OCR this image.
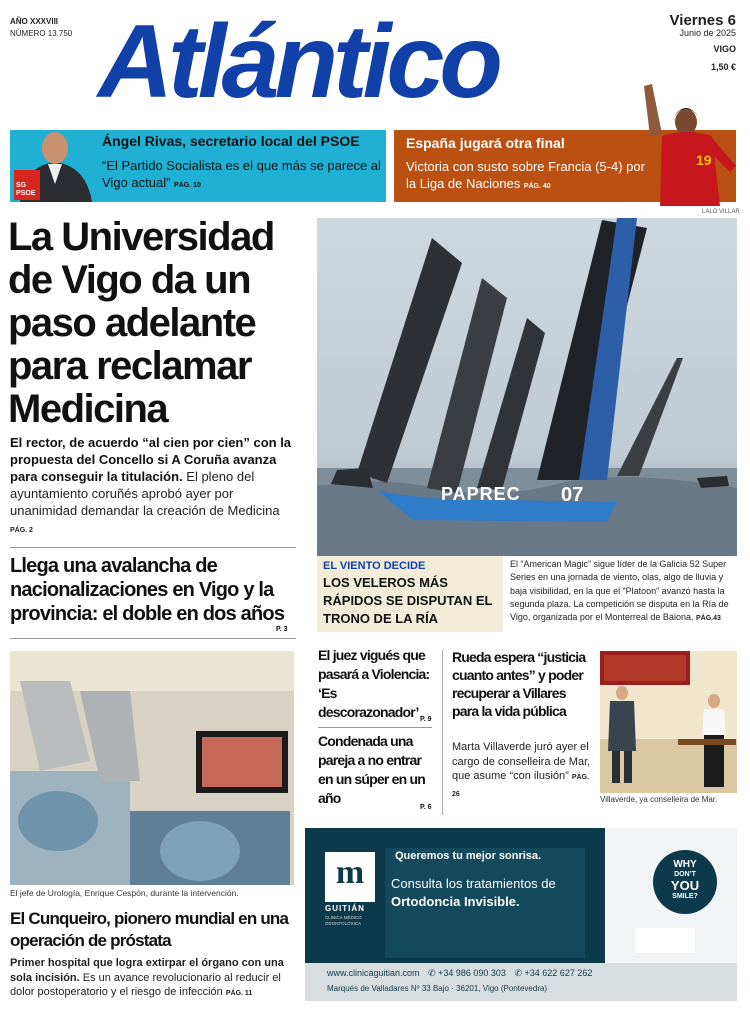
AÑO XXXVIII
NÚMERO 13.750 Atlántico	Viernes 6
Junio de 2025
VIGO
1,50 €
SG PSOE
Ángel Rivas, secretario local del PSOE
“El Partido Socialista es el que más se parece al Vigo actual” PÁG. 10
España jugará otra final
Victoria con susto sobre Francia (5-4) por la Liga de Naciones PÁG. 40
19
LALO VILLAR
La Universidad de Vigo da un paso adelante para reclamar Medicina
El rector, de acuerdo “al cien por cien” con la propuesta del Concello si A Coruña avanza para conseguir la titulación. El pleno del ayuntamiento coruñés aprobó ayer por unanimidad demandar la creación de Medicina PÁG. 2
Llega una avalancha de nacionalizaciones en Vigo y la provincia: el doble en dos años
P. 3
PAPREC 07
EL VIENTO DECIDE
LOS VELEROS MÁS RÁPIDOS SE DISPUTAN EL TRONO DE LA RÍA
El “American Magic” sigue líder de la Galicia 52 Super Series en una jornada de viento, olas, algo de lluvia y baja visibilidad, en la que el “Platoon” avanzó hasta la segunda plaza. La competición se disputa en la Ría de Vigo, organizada por el Monterreal de Baiona. PÁG.43
El jefe de Urología, Enrique Cespón, durante la intervención.
El Cunqueiro, pionero mundial en una operación de próstata
Primer hospital que logra extirpar el órgano con una sola incisión. Es un avance revolucionario al reducir el dolor postoperatorio y el riesgo de infección PÁG. 11
El juez vigués que pasará a Violencia: ‘Es descorazonador’ P. 9
Condenada una pareja a no entrar en un súper en un año
P. 6
Rueda espera “justicia cuanto antes” y poder recuperar a Villares para la vida pública
Marta Villaverde juró ayer el cargo de conselleira de Mar, que asume “con ilusión” PÁG. 26
Villaverde, ya conselleira de Mar.
m
GUITIÁN
CLÍNICA MÉDICO ODONTOLÓXICA
Queremos tu mejor sonrisa.
Consulta los tratamientos de
Ortodoncia Invisible.
WHY
DON’T
YOU
SMILE?
www.clinicaguitian.com ✆ +34 986 090 303 ✆ +34 622 627 262
Marqués de Valladares Nº 33 Bajo · 36201, Vigo (Pontevedra)
